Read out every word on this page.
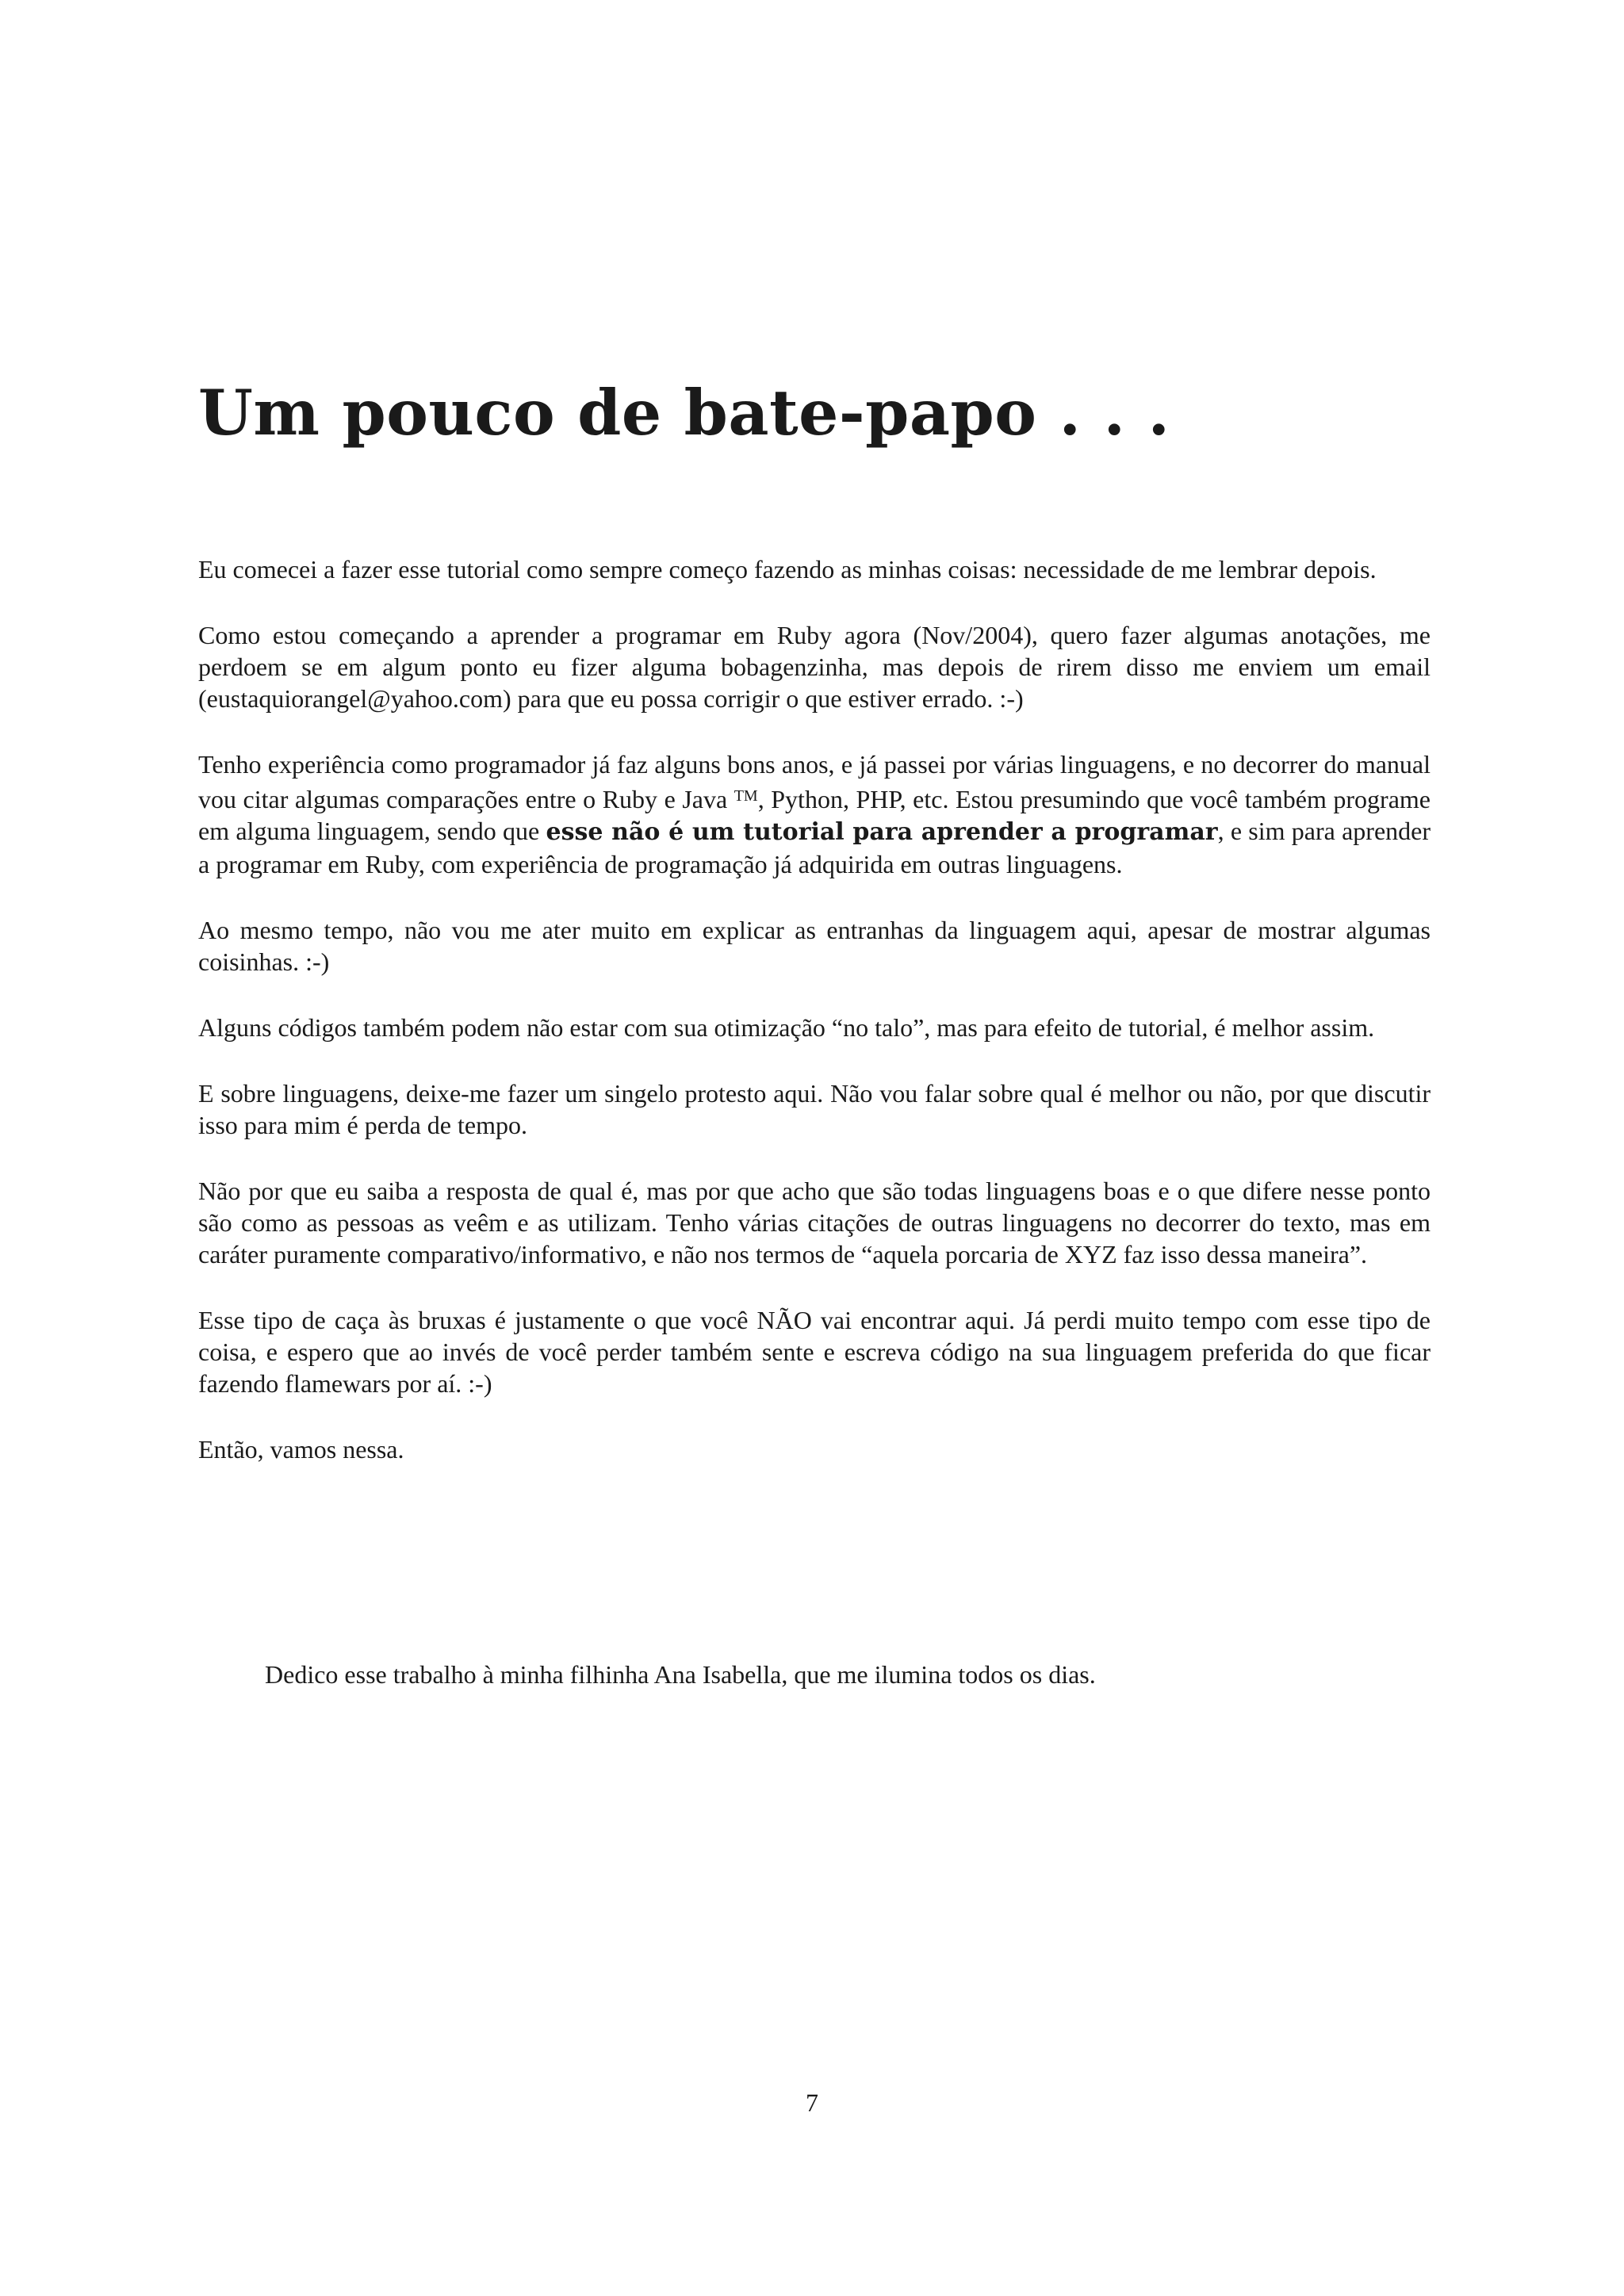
Um pouco de bate-papo . . .

Eu comecei a fazer esse tutorial como sempre começo fazendo as minhas coisas: necessidade de me lembrar depois.

Como estou começando a aprender a programar em Ruby agora (Nov/2004), quero fazer algumas anotações, me perdoem se em algum ponto eu fizer alguma bobagenzinha, mas depois de rirem disso me enviem um email (eustaquiorangel@yahoo.com) para que eu possa corrigir o que estiver errado. :-)

Tenho experiência como programador já faz alguns bons anos, e já passei por várias linguagens, e no decorrer do manual vou citar algumas comparações entre o Ruby e Java ™, Python, PHP, etc. Estou presumindo que você também programe em alguma linguagem, sendo que esse não é um tutorial para aprender a programar, e sim para aprender a programar em Ruby, com experiência de programação já adquirida em outras linguagens.

Ao mesmo tempo, não vou me ater muito em explicar as entranhas da linguagem aqui, apesar de mostrar algumas coisinhas. :-)

Alguns códigos também podem não estar com sua otimização “no talo”, mas para efeito de tutorial, é melhor assim.

E sobre linguagens, deixe-me fazer um singelo protesto aqui. Não vou falar sobre qual é melhor ou não, por que discutir isso para mim é perda de tempo.

Não por que eu saiba a resposta de qual é, mas por que acho que são todas linguagens boas e o que difere nesse ponto são como as pessoas as veêm e as utilizam. Tenho várias citações de outras linguagens no decorrer do texto, mas em caráter puramente comparativo/informativo, e não nos termos de “aquela porcaria de XYZ faz isso dessa maneira”.

Esse tipo de caça às bruxas é justamente o que você NÃO vai encontrar aqui. Já perdi muito tempo com esse tipo de coisa, e espero que ao invés de você perder também sente e escreva código na sua linguagem preferida do que ficar fazendo flamewars por aí. :-)

Então, vamos nessa.

Dedico esse trabalho à minha filhinha Ana Isabella, que me ilumina todos os dias.

7
